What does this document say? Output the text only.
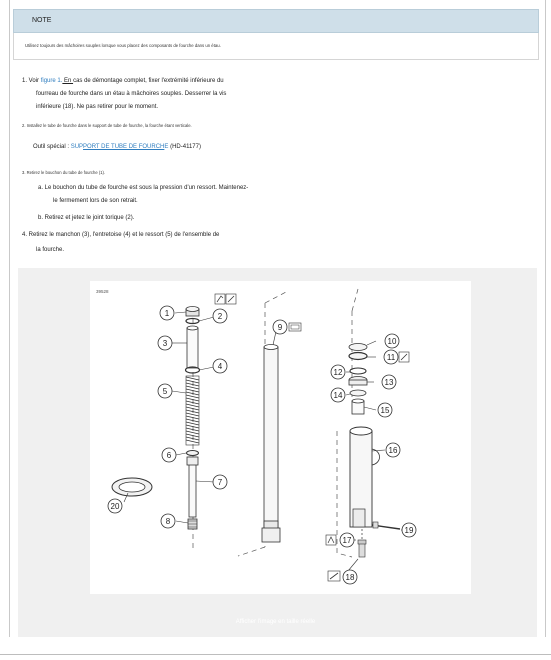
NOTE
Utilisez toujours des mâchoires souples lorsque vous placez des composants de fourche dans un étau.
1. Voir figure 1. En cas de démontage complet, fixer l'extrémité inférieure du
fourreau de fourche dans un étau à mâchoires souples. Desserrer la vis
inférieure (18). Ne pas retirer pour le moment.
2. Installez le tube de fourche dans le support de tube de fourche, la fourche étant verticale.
Outil spécial : SUPPORT DE TUBE DE FOURCHE (HD-41177)
3. Retirez le bouchon du tube de fourche (1).
a. Le bouchon du tube de fourche est sous la pression d'un ressort. Maintenez-
le fermement lors de son retrait.
b. Retirez et jetez le joint torique (2).
4. Retirez le manchon (3), l'entretoise (4) et le ressort (5) de l'ensemble de
la fourche.
39528
1	2
3
4
5
6
7
8
9
10
11
12
13
14
15
16
17
18
19
20
Afficher l'image en taille réelle
